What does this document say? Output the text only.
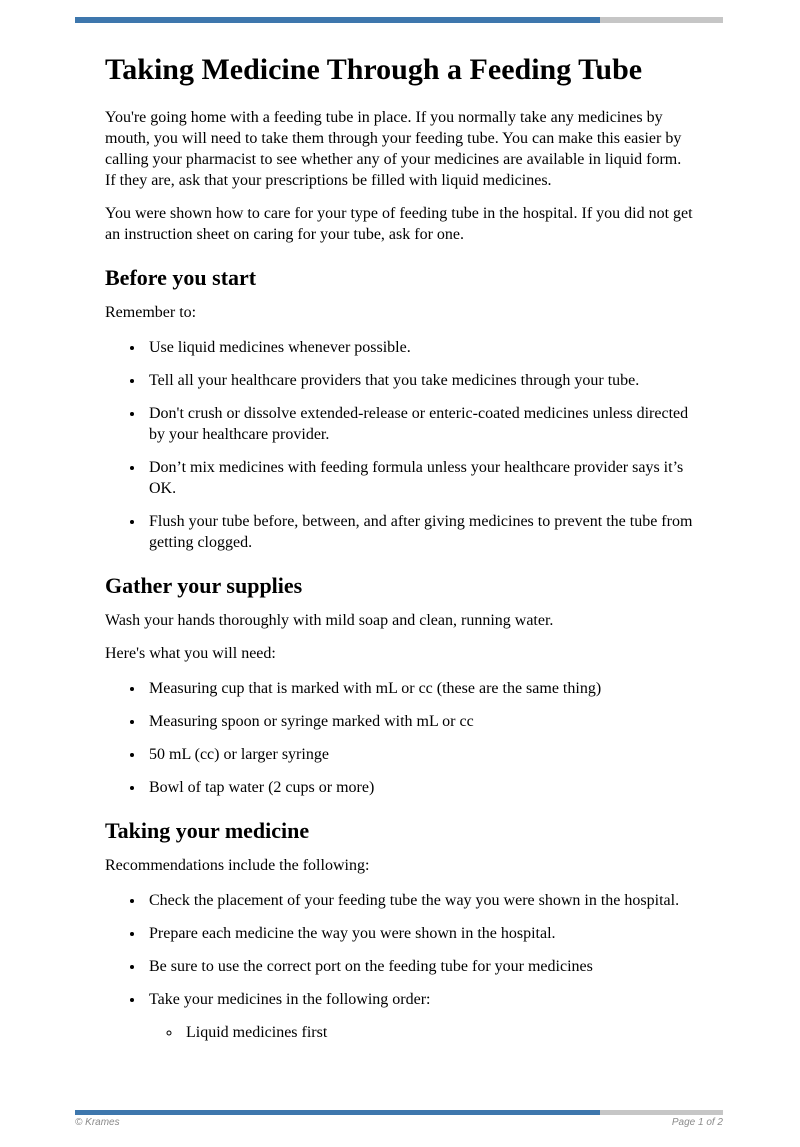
Taking Medicine Through a Feeding Tube

You're going home with a feeding tube in place. If you normally take any medicines by mouth, you will need to take them through your feeding tube. You can make this easier by calling your pharmacist to see whether any of your medicines are available in liquid form. If they are, ask that your prescriptions be filled with liquid medicines.

You were shown how to care for your type of feeding tube in the hospital. If you did not get an instruction sheet on caring for your tube, ask for one.

Before you start

Remember to:

• Use liquid medicines whenever possible.
• Tell all your healthcare providers that you take medicines through your tube.
• Don't crush or dissolve extended-release or enteric-coated medicines unless directed by your healthcare provider.
• Don’t mix medicines with feeding formula unless your healthcare provider says it’s OK.
• Flush your tube before, between, and after giving medicines to prevent the tube from getting clogged.
Gather your supplies

Wash your hands thoroughly with mild soap and clean, running water.

Here's what you will need:

• Measuring cup that is marked with mL or cc (these are the same thing)
• Measuring spoon or syringe marked with mL or cc
• 50 mL (cc) or larger syringe
• Bowl of tap water (2 cups or more)
Taking your medicine

Recommendations include the following:

• Check the placement of your feeding tube the way you were shown in the hospital.
• Prepare each medicine the way you were shown in the hospital.
• Be sure to use the correct port on the feeding tube for your medicines
• Take your medicines in the following order:
◦ Liquid medicines first
© Krames	Page 1 of 2
